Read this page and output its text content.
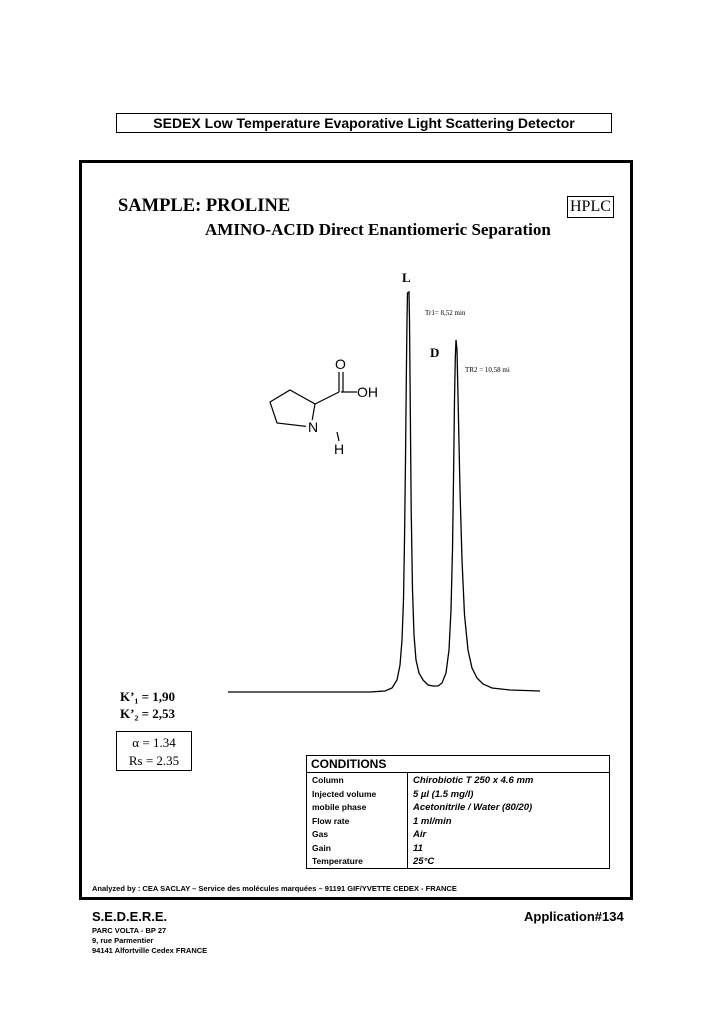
SEDEX Low Temperature Evaporative Light Scattering Detector
SAMPLE: PROLINE	HPLC
AMINO-ACID Direct Enantiomeric Separation
L
Tr1= 8,52 min
D
TR2 = 10,58 mi
O
OH
N
H
K’₁ = 1,90
K’₂ = 2,53
α = 1.34
Rs = 2.35	CONDITIONS
Column	Chirobiotic T 250 x 4.6 mm
Injected volume	5 µl (1.5 mg/l)
mobile phase	Acetonitrile / Water (80/20)
Flow rate	1 ml/min
Gas	Air
Gain	11
Temperature	25°C
Analyzed by : CEA SACLAY – Service des molécules marquées – 91191 GIF/YVETTE CEDEX - FRANCE
S.E.D.E.R.E.	Application#134
PARC VOLTA - BP 27
9, rue Parmentier
94141 Alfortville Cedex FRANCE
